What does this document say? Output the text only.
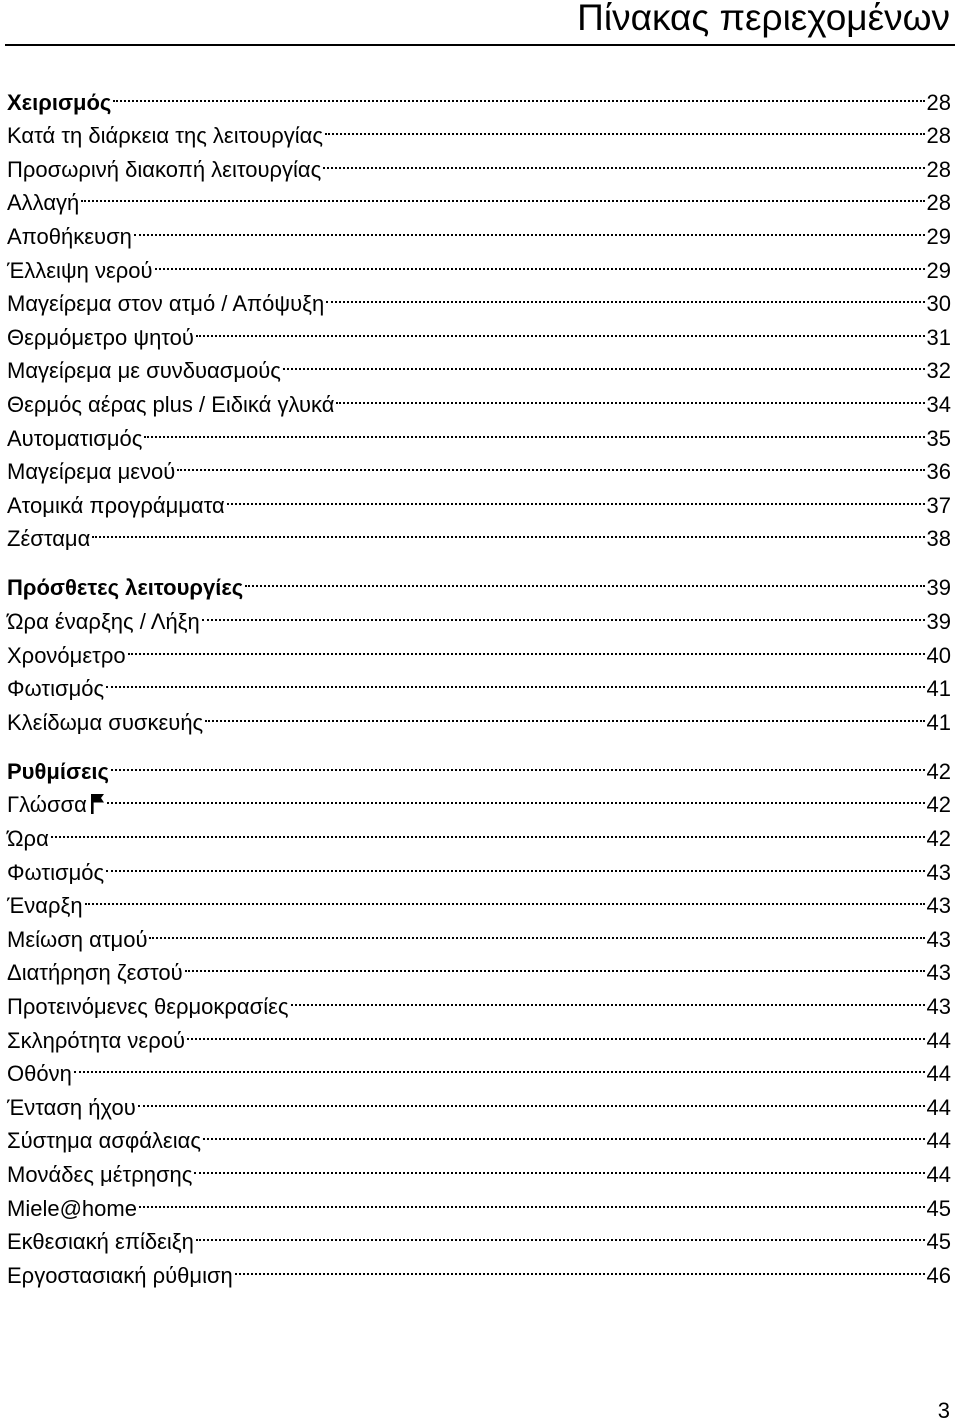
Πίνακας περιεχομένων
Χειρισμός	28
Κατά τη διάρκεια της λειτουργίας	28
Προσωρινή διακοπή λειτουργίας	28
Αλλαγή	28
Αποθήκευση	29
Έλλειψη νερού	29
Μαγείρεμα στον ατμό / Απόψυξη	30
Θερμόμετρο ψητού	31
Μαγείρεμα με συνδυασμούς	32
Θερμός αέρας plus / Ειδικά γλυκά	34
Αυτοματισμός	35
Μαγείρεμα μενού	36
Ατομικά προγράμματα	37
Ζέσταμα	38
Πρόσθετες λειτουργίες	39
Ώρα έναρξης / Λήξη	39
Χρονόμετρο	40
Φωτισμός	41
Κλείδωμα συσκευής	41
Ρυθμίσεις	42
Γλώσσα	42
Ώρα	42
Φωτισμός	43
Έναρξη	43
Μείωση ατμού	43
Διατήρηση ζεστού	43
Προτεινόμενες θερμοκρασίες	43
Σκληρότητα νερού	44
Οθόνη	44
Ένταση ήχου	44
Σύστημα ασφάλειας	44
Μονάδες μέτρησης	44
Miele@home	45
Εκθεσιακή επίδειξη	45
Εργοστασιακή ρύθμιση	46
3
